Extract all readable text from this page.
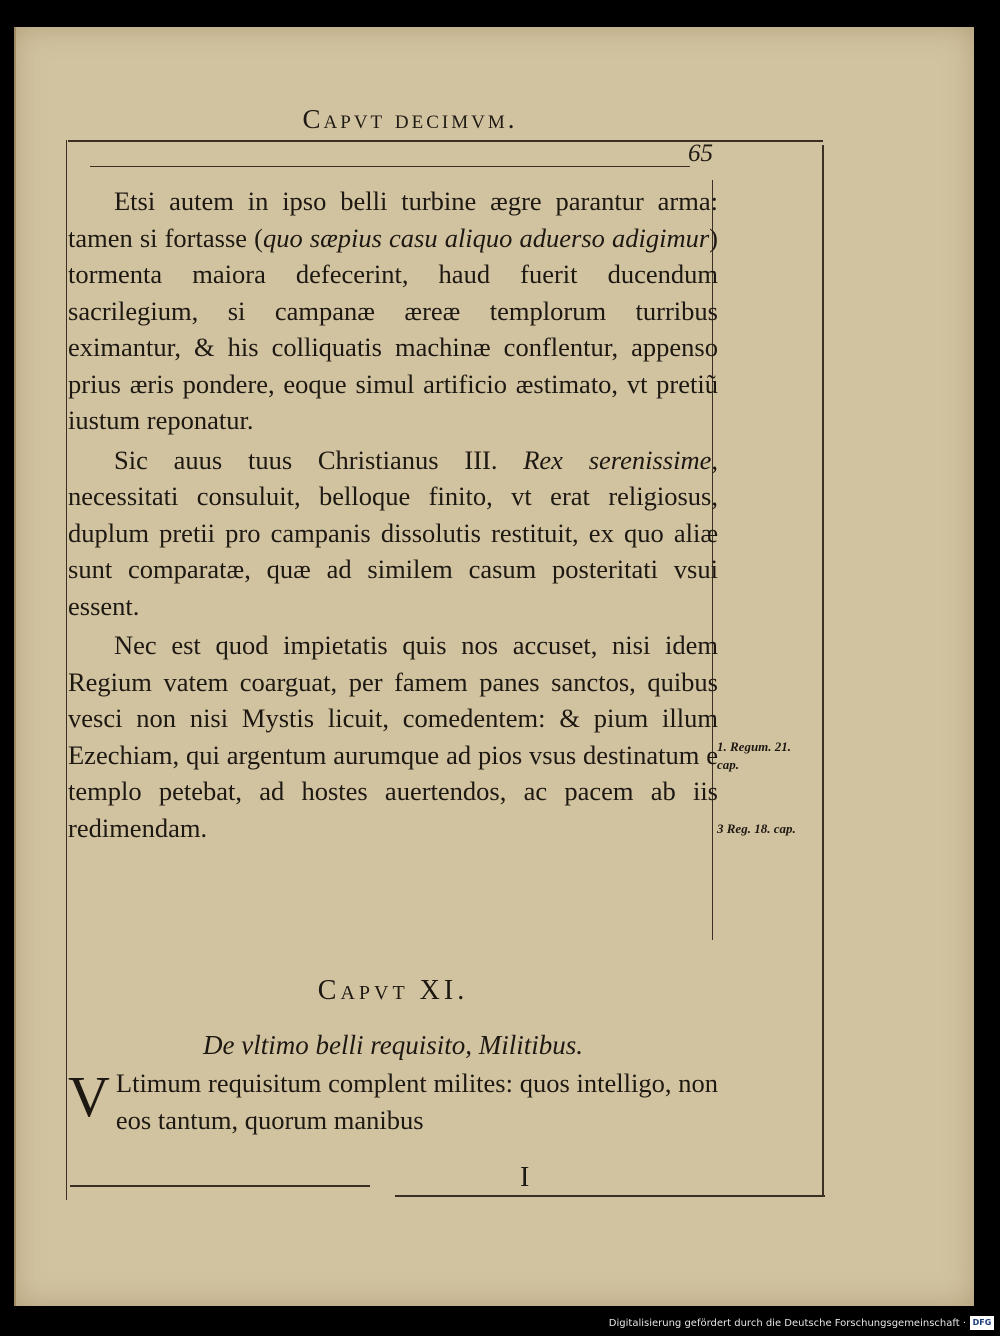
Capvt decimvm.
65

Etsi autem in ipso belli turbine ægre parantur arma: tamen si fortasse (quo sæpius casu aliquo aduerso adigimur) tormenta maiora defecerint, haud fuerit ducendum sacrilegium, si campanæ æreæ templorum turribus eximantur, & his colliquatis machinæ conflentur, appenso prius æris pondere, eoque simul artificio æstimato, vt pretiũ iustum reponatur.

Sic auus tuus Christianus III. Rex serenissime, necessitati consuluit, belloque finito, vt erat religiosus, duplum pretii pro campanis dissolutis restituit, ex quo aliæ sunt comparatæ, quæ ad similem casum posteritati vsui essent.

Nec est quod impietatis quis nos accuset, nisi idem Regium vatem coarguat, per famem panes sanctos, quibus vesci non nisi Mystis licuit, comedentem: & pium illum Ezechiam, qui argentum aurumque ad pios vsus destinatum e templo petebat, ad hostes auertendos, ac pacem ab iis redimendam.

1. Regum. 21. cap.
3 Reg. 18. cap.
Capvt XI.
De vltimo belli requisito, Militibus.
V Ltimum requisitum complent milites: quos intelligo, non eos tantum, quorum manibus
I
Digitalisierung gefördert durch die Deutsche Forschungsgemeinschaft · DFG
